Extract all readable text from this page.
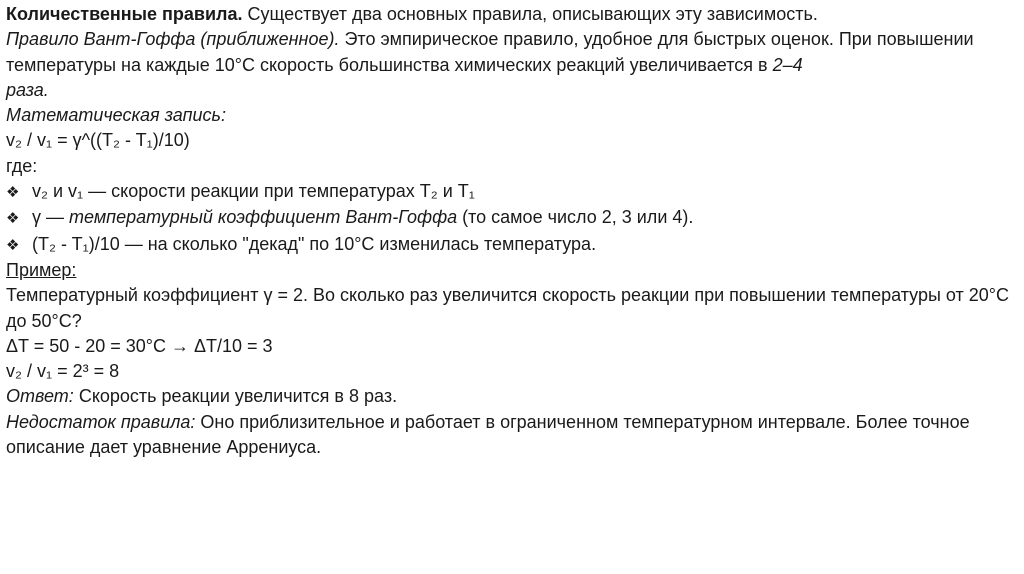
Количественные правила. Существует два основных правила, описывающих эту зависимость.
Правило Вант-Гоффа (приближенное). Это эмпирическое правило, удобное для быстрых оценок. При повышении температуры на каждые 10°С скорость большинства химических реакций увеличивается в 2–4
раза.
Математическая запись:
v₂ / v₁ = γ^((T₂ - T₁)/10)
где:
❖ v₂ и v₁ — скорости реакции при температурах T₂ и T₁
❖ γ — температурный коэффициент Вант-Гоффа (то самое число 2, 3 или 4).
❖ (T₂ - T₁)/10 — на сколько "декад" по 10°С изменилась температура.
Пример:
Температурный коэффициент γ = 2. Во сколько раз увеличится скорость реакции при повышении температуры от 20°С до 50°С?
ΔT = 50 - 20 = 30°С → ΔT/10 = 3
v₂ / v₁ = 2³ = 8
Ответ: Скорость реакции увеличится в 8 раз.
Недостаток правила: Оно приблизительное и работает в ограниченном температурном интервале. Более точное описание дает уравнение Аррениуса.
